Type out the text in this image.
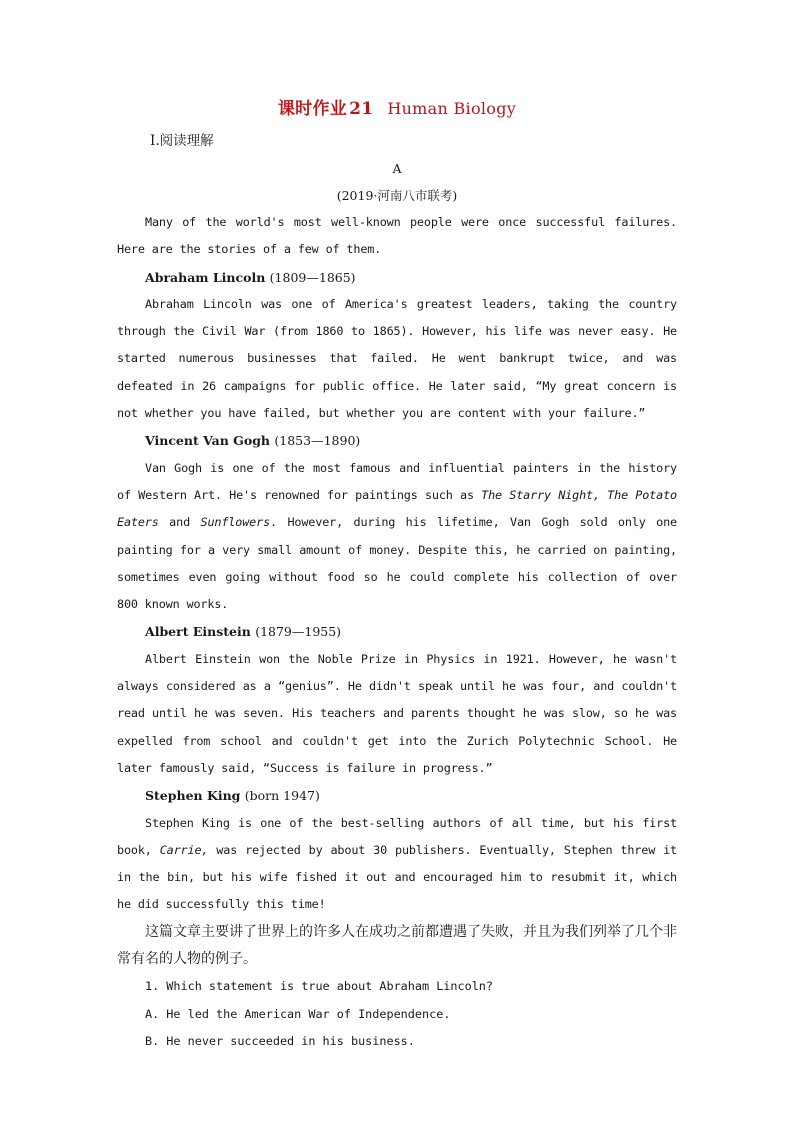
课时作业 21 Human Biology

Ⅰ.阅读理解

A

(2019·河南八市联考)

Many of the world's most well-known people were once successful failures. Here are the stories of a few of them.

Abraham Lincoln (1809—1865)

Abraham Lincoln was one of America's greatest leaders, taking the country through the Civil War (from 1860 to 1865). However, his life was never easy. He started numerous businesses that failed. He went bankrupt twice, and was defeated in 26 campaigns for public office. He later said, “My great concern is not whether you have failed, but whether you are content with your failure.”

Vincent Van Gogh (1853—1890)

Van Gogh is one of the most famous and influential painters in the history of Western Art. He's renowned for paintings such as The Starry Night, The Potato Eaters and Sunflowers. However, during his lifetime, Van Gogh sold only one painting for a very small amount of money. Despite this, he carried on painting, sometimes even going without food so he could complete his collection of over 800 known works.

Albert Einstein (1879—1955)

Albert Einstein won the Noble Prize in Physics in 1921. However, he wasn't always considered as a “genius”. He didn't speak until he was four, and couldn't read until he was seven. His teachers and parents thought he was slow, so he was expelled from school and couldn't get into the Zurich Polytechnic School. He later famously said, “Success is failure in progress.”

Stephen King (born 1947)

Stephen King is one of the best-selling authors of all time, but his first book, Carrie, was rejected by about 30 publishers. Eventually, Stephen threw it in the bin, but his wife fished it out and encouraged him to resubmit it, which he did successfully this time!

这篇文章主要讲了世界上的许多人在成功之前都遭遇了失败，并且为我们列举了几个非常有名的人物的例子。

1. Which statement is true about Abraham Lincoln?

A. He led the American War of Independence.

B. He never succeeded in his business.
